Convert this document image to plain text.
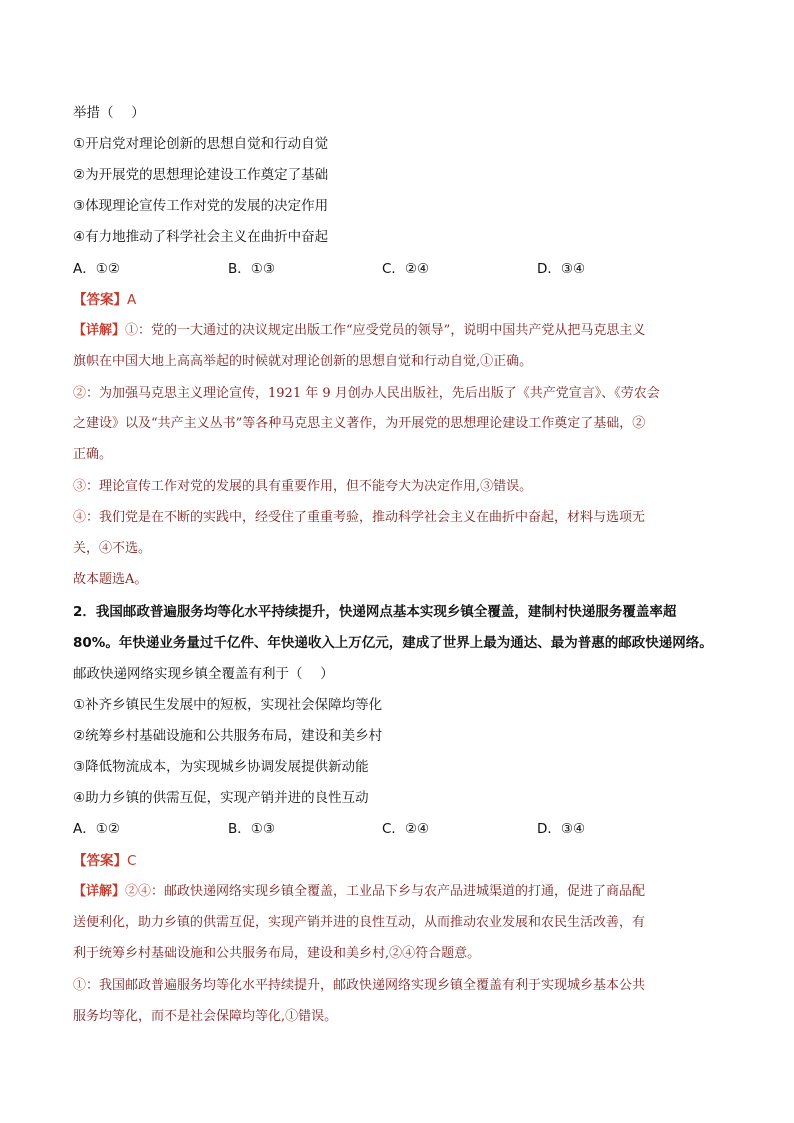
举措（　 ）
①开启党对理论创新的思想自觉和行动自觉
②为开展党的思想理论建设工作奠定了基础
③体现理论宣传工作对党的发展的决定作用
④有力地推动了科学社会主义在曲折中奋起
A．①②	B．①③	C．②④	D．③④
【答案】A
【详解】①：党的一大通过的决议规定出版工作“应受党员的领导”，说明中国共产党从把马克思主义
旗帜在中国大地上高高举起的时候就对理论创新的思想自觉和行动自觉,①正确。
②：为加强马克思主义理论宣传，1921 年 9 月创办人民出版社，先后出版了《共产党宣言》、《劳农会
之建设》以及“共产主义丛书”等各种马克思主义著作，为开展党的思想理论建设工作奠定了基础，②
正确。
③：理论宣传工作对党的发展的具有重要作用，但不能夸大为决定作用,③错误。
④：我们党是在不断的实践中，经受住了重重考验，推动科学社会主义在曲折中奋起，材料与选项无
关，④不选。
故本题选A。
2．我国邮政普遍服务均等化水平持续提升，快递网点基本实现乡镇全覆盖，建制村快递服务覆盖率超
80%。年快递业务量过千亿件、年快递收入上万亿元，建成了世界上最为通达、最为普惠的邮政快递网络。
邮政快递网络实现乡镇全覆盖有利于（　 ）
①补齐乡镇民生发展中的短板，实现社会保障均等化
②统筹乡村基础设施和公共服务布局，建设和美乡村
③降低物流成本，为实现城乡协调发展提供新动能
④助力乡镇的供需互促，实现产销并进的良性互动
A．①②	B．①③	C．②④	D．③④
【答案】C
【详解】②④：邮政快递网络实现乡镇全覆盖，工业品下乡与农产品进城渠道的打通，促进了商品配
送便利化，助力乡镇的供需互促，实现产销并进的良性互动，从而推动农业发展和农民生活改善，有
利于统筹乡村基础设施和公共服务布局，建设和美乡村,②④符合题意。
①：我国邮政普遍服务均等化水平持续提升，邮政快递网络实现乡镇全覆盖有利于实现城乡基本公共
服务均等化，而不是社会保障均等化,①错误。
